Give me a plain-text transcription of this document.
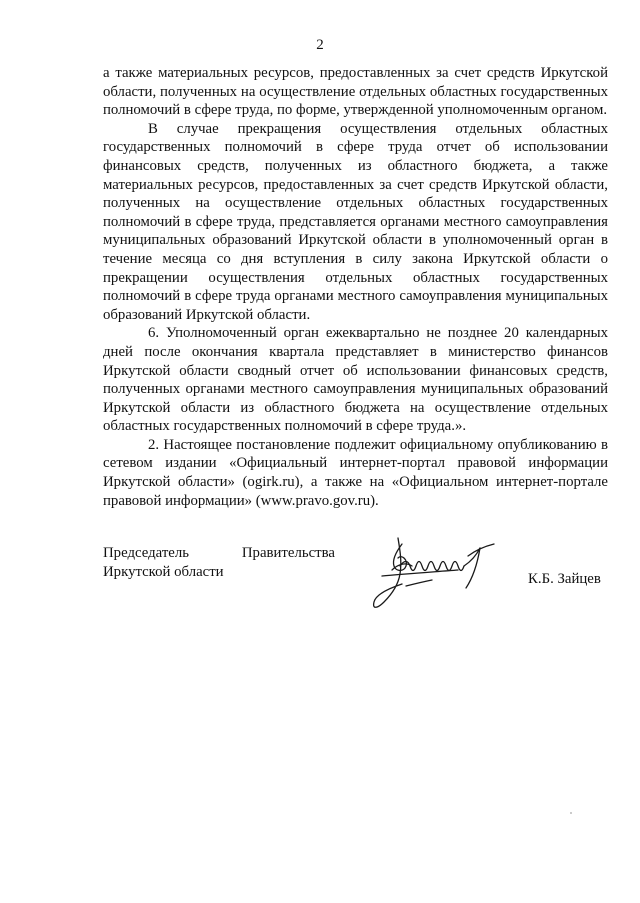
2

а также материальных ресурсов, предоставленных за счет средств Иркутской области, полученных на осуществление отдельных областных государственных полномочий в сфере труда, по форме, утвержденной уполномоченным органом.

В случае прекращения осуществления отдельных областных государственных полномочий в сфере труда отчет об использовании финансовых средств, полученных из областного бюджета, а также материальных ресурсов, предоставленных за счет средств Иркутской области, полученных на осуществление отдельных областных государственных полномочий в сфере труда, представляется органами местного самоуправления муниципальных образований Иркутской области в уполномоченный орган в течение месяца со дня вступления в силу закона Иркутской области о прекращении осуществления отдельных областных государственных полномочий в сфере труда органами местного самоуправления муниципальных образований Иркутской области.

6. Уполномоченный орган ежеквартально не позднее 20 календарных дней после окончания квартала представляет в министерство финансов Иркутской области сводный отчет об использовании финансовых средств, полученных органами местного самоуправления муниципальных образований Иркутской области из областного бюджета на осуществление отдельных областных государственных полномочий в сфере труда.».

2. Настоящее постановление подлежит официальному опубликованию в сетевом издании «Официальный интернет-портал правовой информации Иркутской области» (ogirk.ru), а также на «Официальном интернет-портале правовой информации» (www.pravo.gov.ru).

Председатель	Правительства
Иркутской области	К.Б. Зайцев
